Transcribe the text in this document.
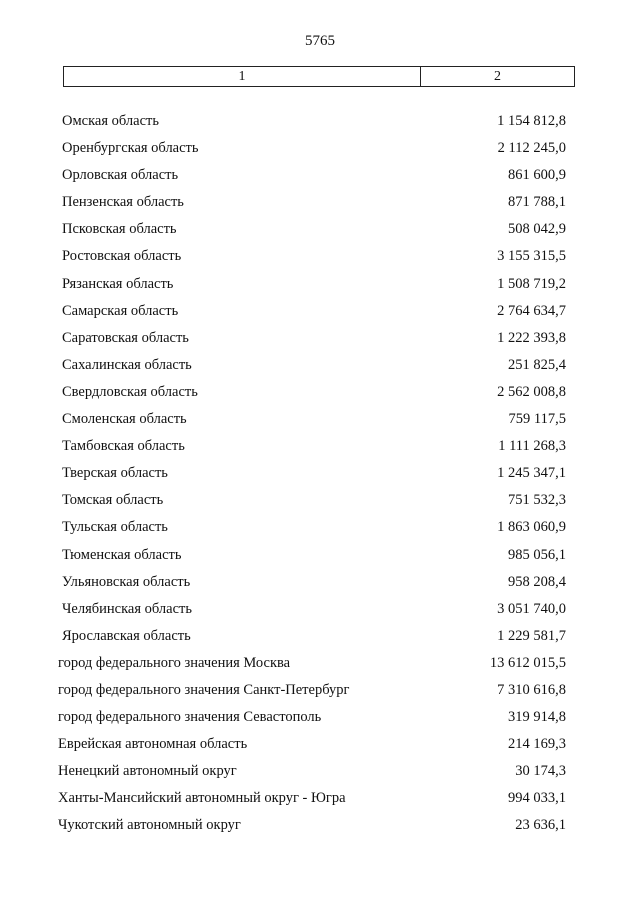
5765
1	2
Омская область	1 154 812,8
Оренбургская область	2 112 245,0
Орловская область	861 600,9
Пензенская область	871 788,1
Псковская область	508 042,9
Ростовская область	3 155 315,5
Рязанская область	1 508 719,2
Самарская область	2 764 634,7
Саратовская область	1 222 393,8
Сахалинская область	251 825,4
Свердловская область	2 562 008,8
Смоленская область	759 117,5
Тамбовская область	1 111 268,3
Тверская область	1 245 347,1
Томская область	751 532,3
Тульская область	1 863 060,9
Тюменская область	985 056,1
Ульяновская область	958 208,4
Челябинская область	3 051 740,0
Ярославская область	1 229 581,7
город федерального значения Москва	13 612 015,5
город федерального значения Санкт-Петербург	7 310 616,8
город федерального значения Севастополь	319 914,8
Еврейская автономная область	214 169,3
Ненецкий автономный округ	30 174,3
Ханты-Мансийский автономный округ - Югра	994 033,1
Чукотский автономный округ	23 636,1
